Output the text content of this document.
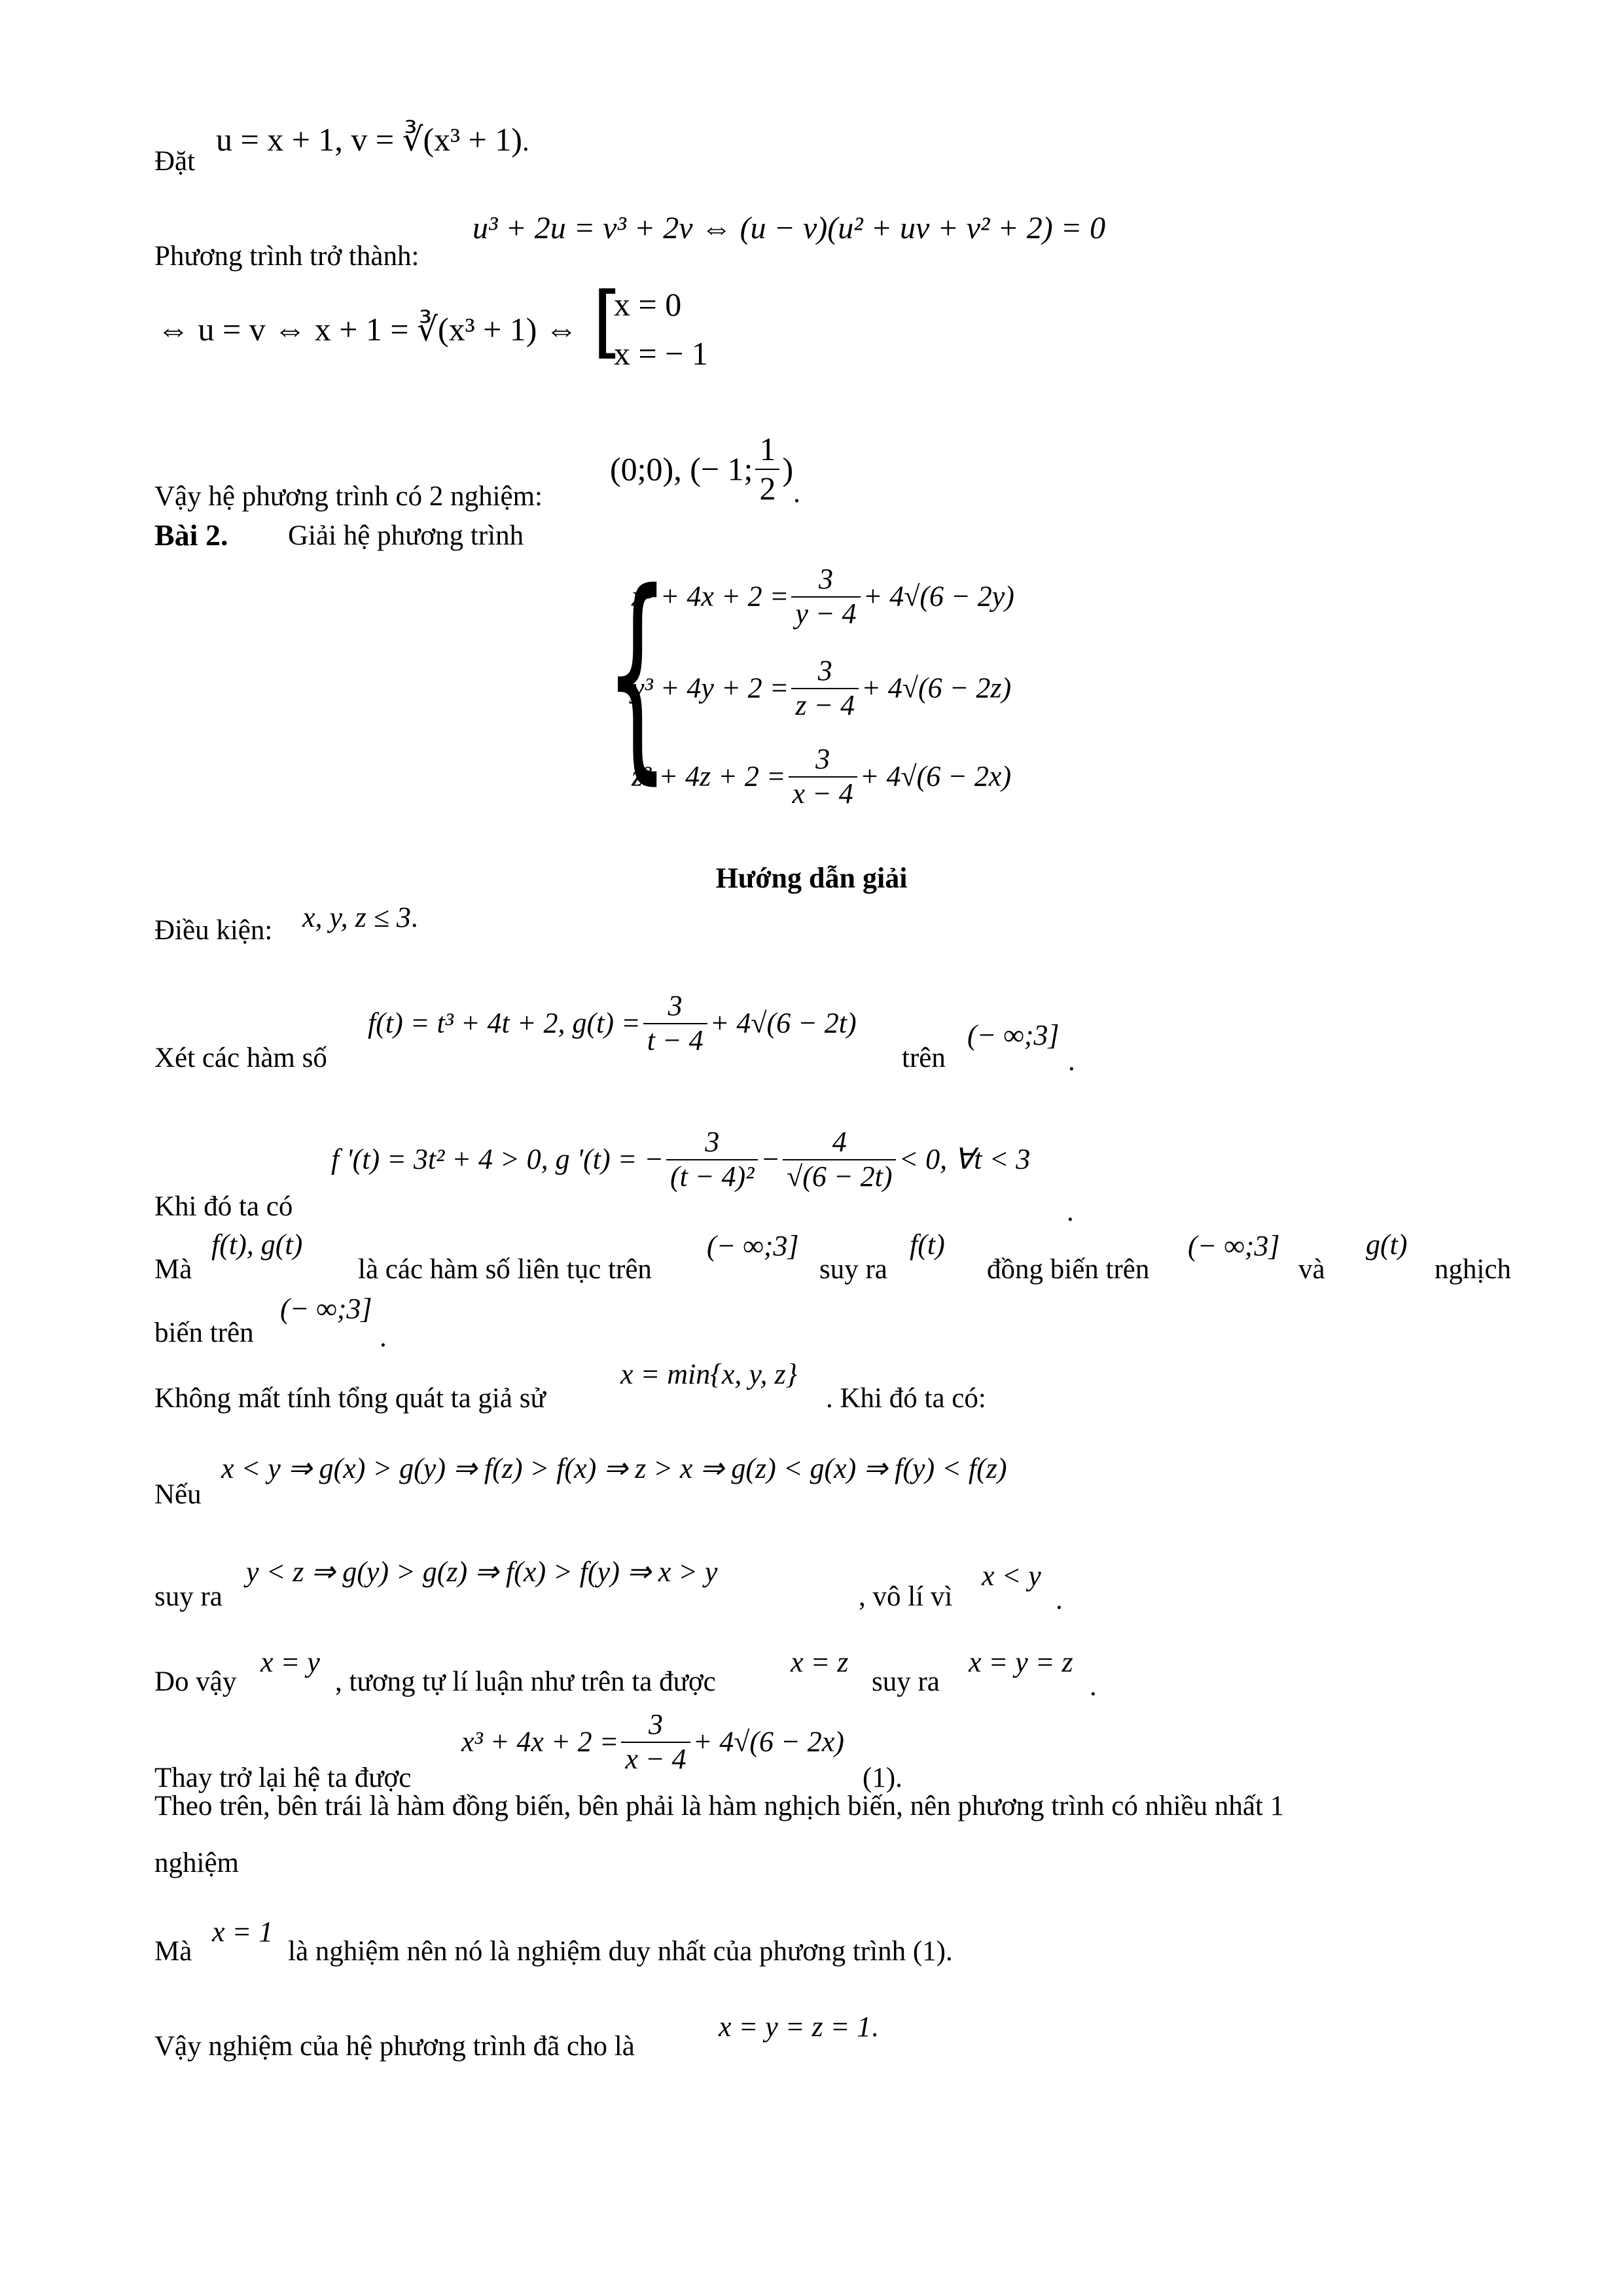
Đặt
u = x + 1, v = ∛(x³ + 1).
Phương trình trở thành:
u³ + 2u = v³ + 2v ⇔ (u − v)(u² + uv + v² + 2) = 0
⇔ u = v ⇔ x + 1 = ∛(x³ + 1) ⇔ [
x = 0
x = − 1
Vậy hệ phương trình có 2 nghiệm:
(0;0), (− 1; $\frac{1}{2}$ ).
Bài 2. Giải hệ phương trình
{
$x^3 + 4x + 2 = \frac{3}{y - 4} + 4√(6 - 2y)$
$y^3 + 4y + 2 = \frac{3}{z - 4} + 4√(6 - 2z)$
$z^3 + 4z + 2 = \frac{3}{x - 4} + 4√(6 - 2x)$
Hướng dẫn giải
Điều kiện: x, y, z ≤ 3.
Xét các hàm số
f(t) = t³ + 4t + 2, $g(t) = \frac{3}{t - 4} + 4√(6 - 2t)$
trên
(− ∞;3]
.
Khi đó ta có
f '(t) = 3t² + 4 > 0, g '(t) = − $\frac{3}{\text{(t − 4)²}} - \frac{4}{√(6 - 2t)} < 0$, ∀t < 3
.
Mà
f(t), g(t)
là các hàm số liên tục trên
(− ∞;3]
suy ra
f(t)
đồng biến trên
(− ∞;3]
và
g(t)
nghịch
biến trên
(− ∞;3]
.
Không mất tính tổng quát ta giả sử
x = min{x, y, z}
. Khi đó ta có:
Nếu
x < y ⇒ g(x) > g(y) ⇒ f(z) > f(x) ⇒ z > x ⇒ g(z) < g(x) ⇒ f(y) < f(z)
suy ra
y < z ⇒ g(y) > g(z) ⇒ f(x) > f(y) ⇒ x > y
, vô lí vì
x < y
.
Do vậy
x = y
, tương tự lí luận như trên ta được
x = z
suy ra
x = y = z
.
Thay trở lại hệ ta được
$x^3 + 4x + 2 = \frac{3}{x - 4} + 4√(6 - 2x)$
(1).
Theo trên, bên trái là hàm đồng biến, bên phải là hàm nghịch biến, nên phương trình có nhiều nhất 1
nghiệm
Mà
x = 1
là nghiệm nên nó là nghiệm duy nhất của phương trình (1).
Vậy nghiệm của hệ phương trình đã cho là
x = y = z = 1.
